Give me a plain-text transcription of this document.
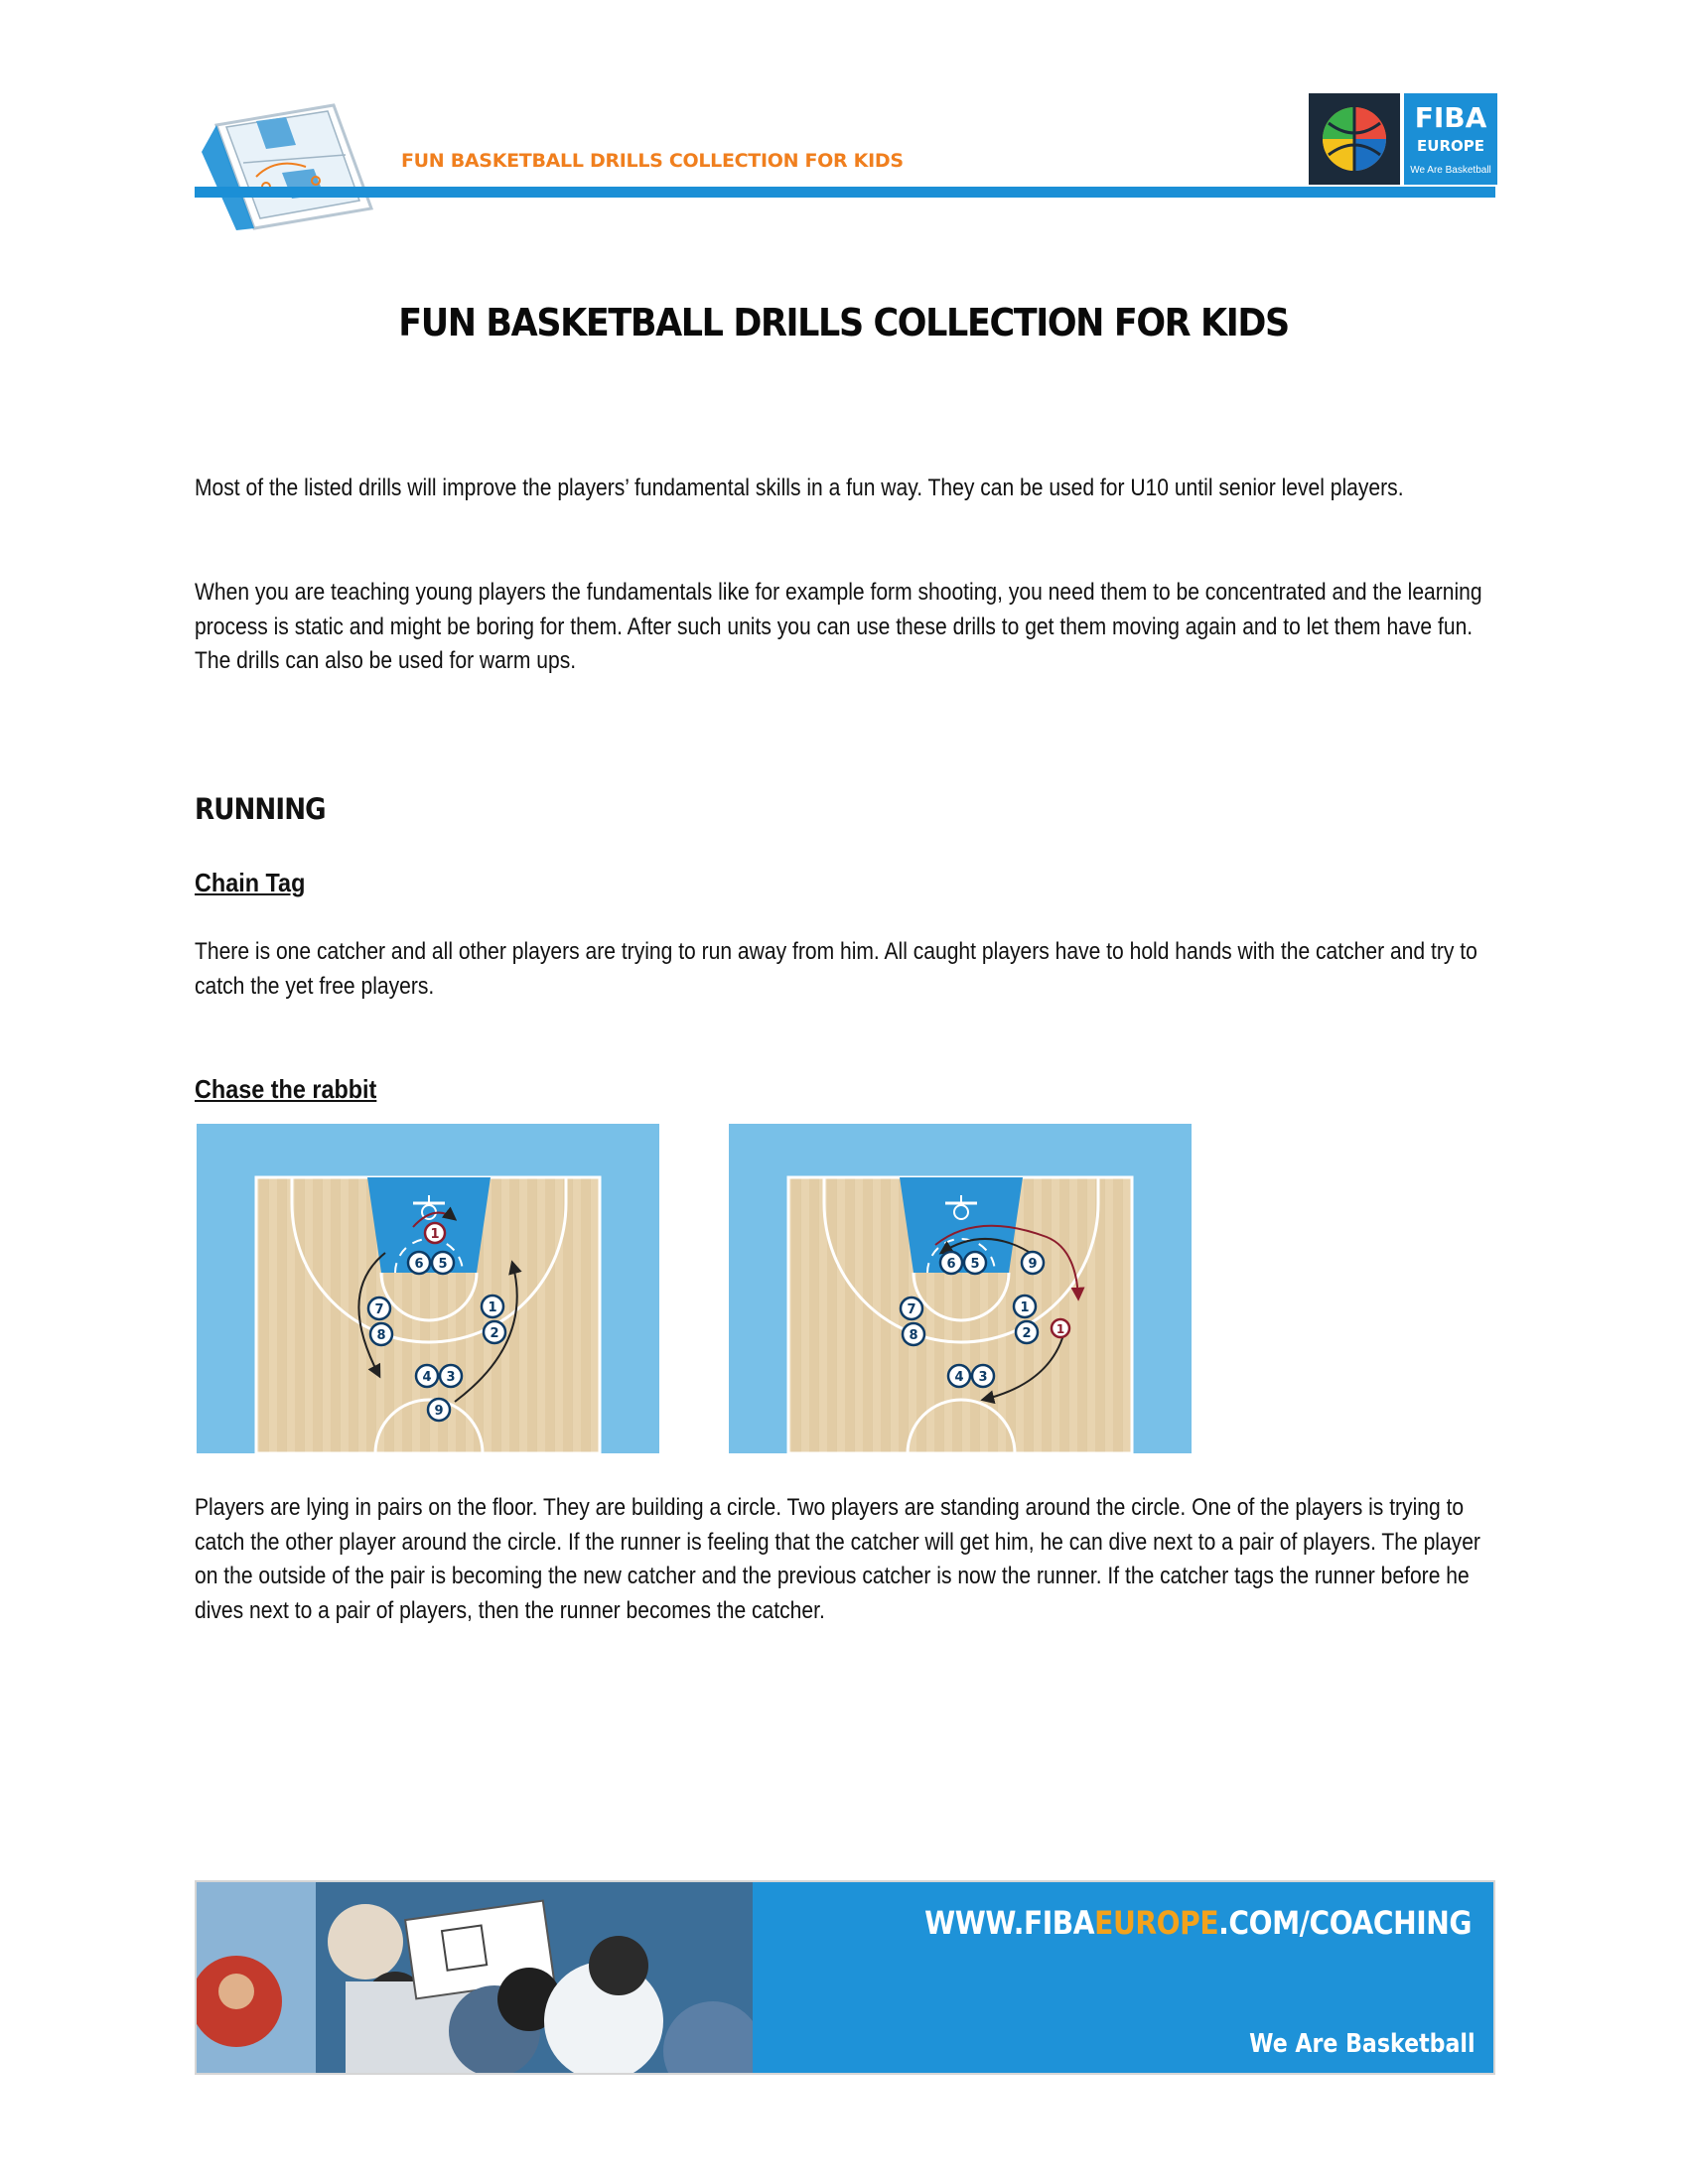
FUN BASKETBALL DRILLS COLLECTION FOR KIDS
FIBA
EUROPE
We Are Basketball
FUN BASKETBALL DRILLS COLLECTION FOR KIDS
Most of the listed drills will improve the players’ fundamental skills in a fun way. They can be used for U10 until senior level players.
When you are teaching young players the fundamentals like for example form shooting, you need them to be concentrated and the learning process is static and might be boring for them. After such units you can use these drills to get them moving again and to let them have fun. The drills can also be used for warm ups.
RUNNING
Chain Tag
There is one catcher and all other players are trying to run away from him. All caught players have to hold hands with the catcher and try to catch the yet free players.
Chase the rabbit
1
6 5
7
8
1
2
4 3
9
6 5	9
7
8
1
2 1
4 3
Players are lying in pairs on the floor. They are building a circle. Two players are standing around the circle. One of the players is trying to catch the other player around the circle. If the runner is feeling that the catcher will get him, he can dive next to a pair of players. The player on the outside of the pair is becoming the new catcher and the previous catcher is now the runner. If the catcher tags the runner before he dives next to a pair of players, then the runner becomes the catcher.
WWW.FIBAEUROPE.COM/COACHING
We Are Basketball
